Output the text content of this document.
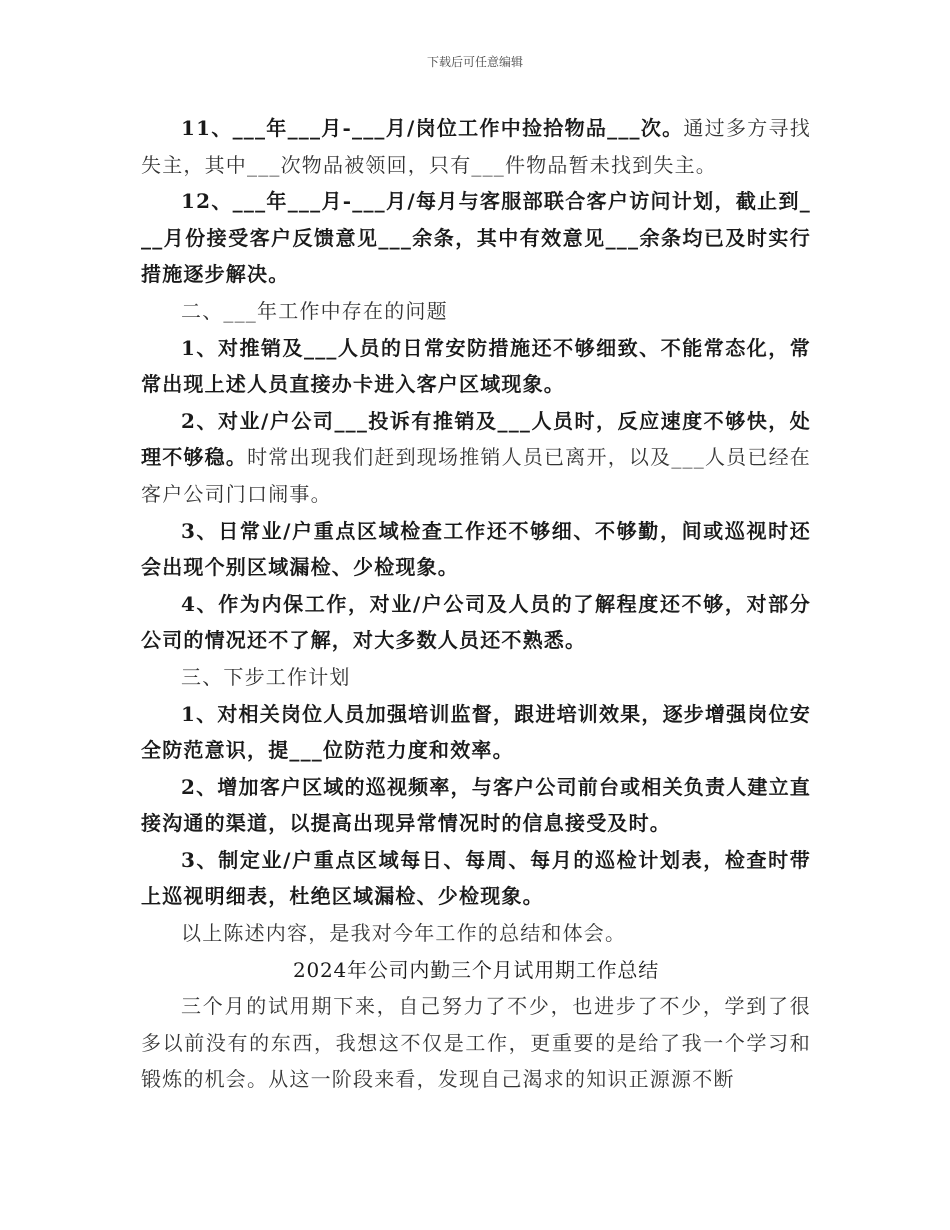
下载后可任意编辑

11、___年___月-___月/岗位工作中捡拾物品___次。通过多方寻找失主，其中___次物品被领回，只有___件物品暂未找到失主。

12、___年___月-___月/每月与客服部联合客户访问计划，截止到___月份接受客户反馈意见___余条，其中有效意见___余条均已及时实行措施逐步解决。

二、___年工作中存在的问题

1、对推销及___人员的日常安防措施还不够细致、不能常态化，常常出现上述人员直接办卡进入客户区域现象。

2、对业/户公司___投诉有推销及___人员时，反应速度不够快，处理不够稳。时常出现我们赶到现场推销人员已离开，以及___人员已经在客户公司门口闹事。

3、日常业/户重点区域检查工作还不够细、不够勤，间或巡视时还会出现个别区域漏检、少检现象。

4、作为内保工作，对业/户公司及人员的了解程度还不够，对部分公司的情况还不了解，对大多数人员还不熟悉。

三、下步工作计划

1、对相关岗位人员加强培训监督，跟进培训效果，逐步增强岗位安全防范意识，提___位防范力度和效率。

2、增加客户区域的巡视频率，与客户公司前台或相关负责人建立直接沟通的渠道，以提高出现异常情况时的信息接受及时。

3、制定业/户重点区域每日、每周、每月的巡检计划表，检查时带上巡视明细表，杜绝区域漏检、少检现象。

以上陈述内容，是我对今年工作的总结和体会。

2024年公司内勤三个月试用期工作总结

三个月的试用期下来，自己努力了不少，也进步了不少，学到了很多以前没有的东西，我想这不仅是工作，更重要的是给了我一个学习和锻炼的机会。从这一阶段来看，发现自己渴求的知识正源源不断
